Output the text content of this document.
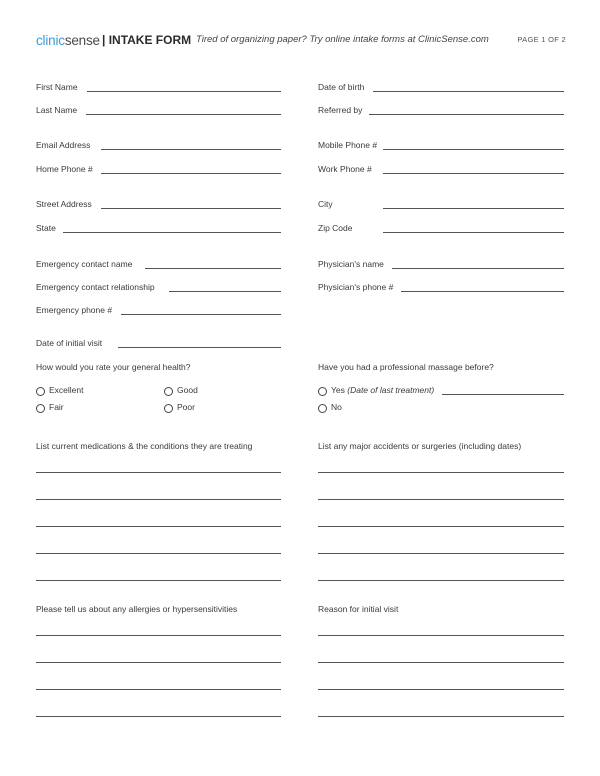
clinicsense | INTAKE FORM Tired of organizing paper? Try online intake forms at ClinicSense.com	PAGE 1 OF 2
First Name	Date of birth
Last Name	Referred by
Email Address	Mobile Phone #
Home Phone #	Work Phone #
Street Address	City
State	Zip Code
Emergency contact name	Physician's name
Emergency contact relationship	Physician's phone #
Emergency phone #
Date of initial visit
How would you rate your general health?
Excellent	Good
Fair	Poor
Have you had a professional massage before?
Yes (Date of last treatment)
No
List current medications & the conditions they are treating	List any major accidents or surgeries (including dates)
Please tell us about any allergies or hypersensitivities	Reason for initial visit
